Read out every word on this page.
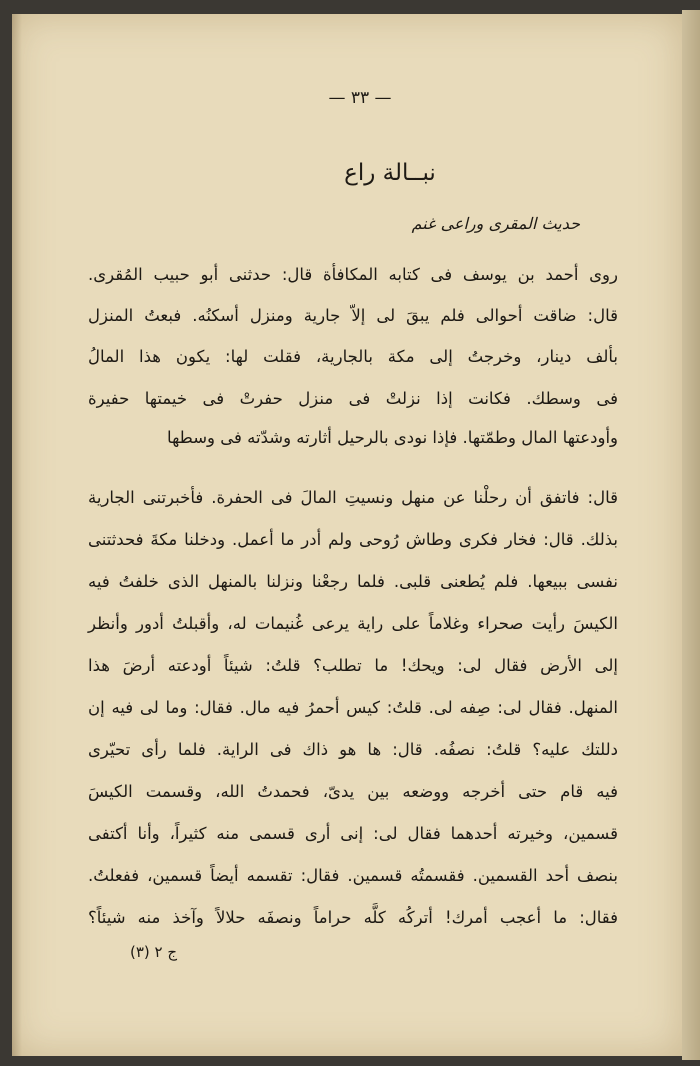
— ٣٣ —
نبــالة راع
حديث المقرى وراعى غنم
روى أحمد بن يوسف فى كتابه المكافأة قال: حدثنى أبو حبيب المُقرى.
قال: ضاقت أحوالى فلم يبقَ لى إلاّ جارية ومنزل أسكنُه. فبعتُ المنزل
بألف دينار، وخرجتُ إلى مكة بالجارية، فقلت لها: يكون هذا المالُ
فى وسطك. فكانت إذا نزلتْ فى منزل حفرتْ فى خيمتها حفيرة
وأودعتها المال وطمّتها. فإذا نودى بالرحيل أثارته وشدّته فى وسطها
قال: فاتفق أن رحلْنا عن منهل ونسيتِ المالَ فى الحفرة. فأخبرتنى الجارية
بذلك. قال: فخار فكرى وطاش رُوحى ولم أدر ما أعمل. ودخلنا مكةَ فحدثتنى
نفسى ببيعها. فلم يُطعنى قلبى. فلما رجعْنا ونزلنا بالمنهل الذى خلفتُ فيه
الكيسَ رأيت صحراء وغلاماً على راية يرعى غُنيمات له، وأقبلتُ أدور وأنظر
إلى الأرض فقال لى: ويحك! ما تطلب؟ قلتُ: شيئاً أودعته أرضَ هذا
المنهل. فقال لى: صِفه لى. قلتُ: كيس أحمرُ فيه مال. فقال: وما لى فيه إن
دللتك عليه؟ قلتُ: نصفُه. قال: ها هو ذاك فى الراية. فلما رأى تحيّرى
فيه قام حتى أخرجه ووضعه بين يدىّ، فحمدتُ الله، وقسمت الكيسَ
قسمين، وخيرته أحدهما فقال لى: إنى أرى قسمى منه كثيراً، وأنا أكتفى
بنصف أحد القسمين. فقسمتُه قسمين. فقال: تقسمه أيضاً قسمين، ففعلتُ.
فقال: ما أعجب أمرك! أتركُه كلَّه حراماً ونصفَه حلالاً وآخذ منه شيئاً؟
ج ٢ (٣)
